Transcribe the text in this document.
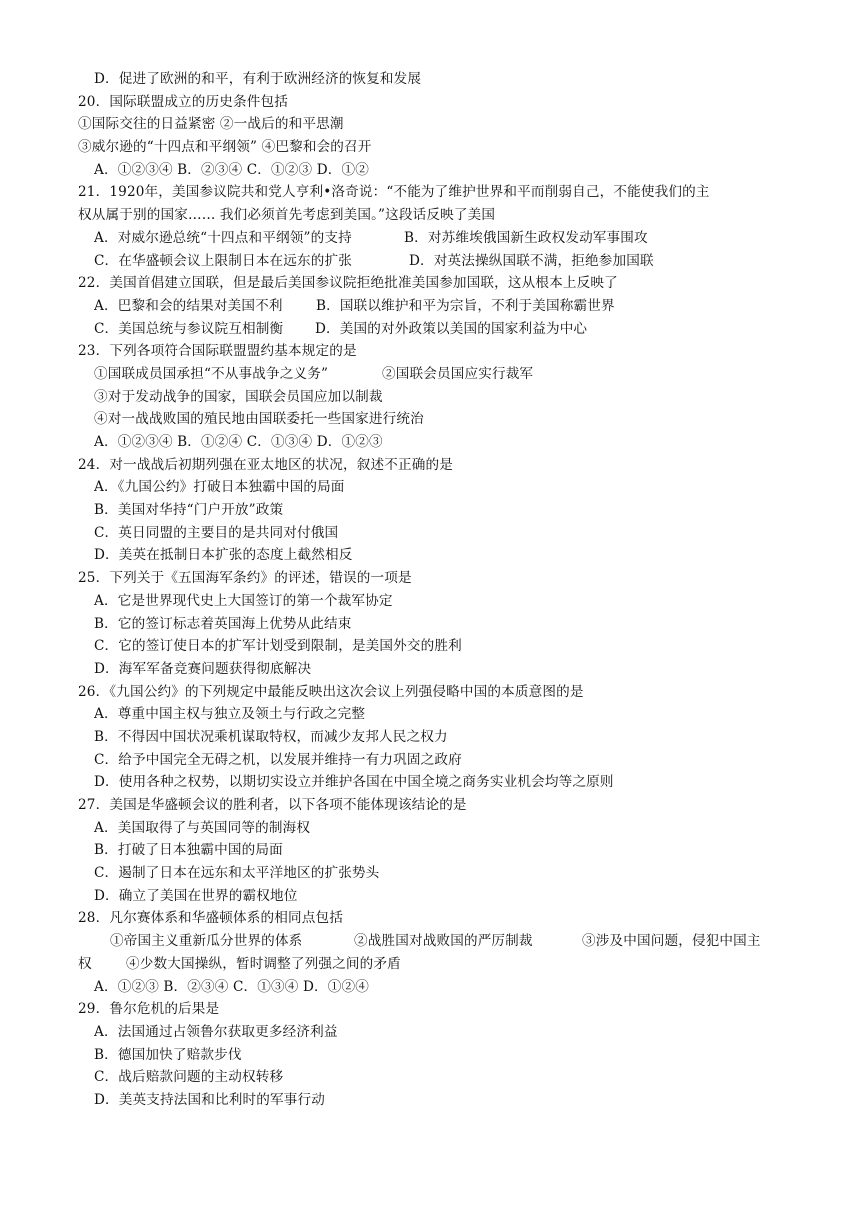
D．促进了欧洲的和平，有利于欧洲经济的恢复和发展
20．国际联盟成立的历史条件包括
①国际交往的日益紧密 ②一战后的和平思潮
③威尔逊的“十四点和平纲领” ④巴黎和会的召开
A．①②③④ B．②③④ C．①②③ D．①②
21．1920年，美国参议院共和党人亨利•洛奇说：“不能为了维护世界和平而削弱自己，不能使我们的主
权从属于别的国家…… 我们必须首先考虑到美国。”这段话反映了美国
A．对威尔逊总统“十四点和平纲领”的支持	B．对苏维埃俄国新生政权发动军事围攻
C．在华盛顿会议上限制日本在远东的扩张	D．对英法操纵国联不满，拒绝参加国联
22．美国首倡建立国联，但是最后美国参议院拒绝批准美国参加国联，这从根本上反映了
A．巴黎和会的结果对美国不利 B．国联以维护和平为宗旨，不利于美国称霸世界
C．美国总统与参议院互相制衡 D．美国的对外政策以美国的国家利益为中心
23．下列各项符合国际联盟盟约基本规定的是
①国联成员国承担“不从事战争之义务”	②国联会员国应实行裁军
③对于发动战争的国家，国联会员国应加以制裁
④对一战战败国的殖民地由国联委托一些国家进行统治
A．①②③④ B．①②④ C．①③④ D．①②③
24．对一战战后初期列强在亚太地区的状况，叙述不正确的是
A．《九国公约》打破日本独霸中国的局面
B．美国对华持“门户开放”政策
C．英日同盟的主要目的是共同对付俄国
D．美英在抵制日本扩张的态度上截然相反
25．下列关于《五国海军条约》的评述，错误的一项是
A．它是世界现代史上大国签订的第一个裁军协定
B．它的签订标志着英国海上优势从此结束
C．它的签订使日本的扩军计划受到限制，是美国外交的胜利
D．海军军备竞赛问题获得彻底解决
26．《九国公约》的下列规定中最能反映出这次会议上列强侵略中国的本质意图的是
A．尊重中国主权与独立及领土与行政之完整
B．不得因中国状况乘机谋取特权，而减少友邦人民之权力
C．给予中国完全无碍之机，以发展并维持一有力巩固之政府
D．使用各种之权势，以期切实设立并维护各国在中国全境之商务实业机会均等之原则
27．美国是华盛顿会议的胜利者，以下各项不能体现该结论的是
A．美国取得了与英国同等的制海权
B．打破了日本独霸中国的局面
C．遏制了日本在远东和太平洋地区的扩张势头
D．确立了美国在世界的霸权地位
28．凡尔赛体系和华盛顿体系的相同点包括
①帝国主义重新瓜分世界的体系	②战胜国对战败国的严厉制裁	③涉及中国问题，侵犯中国主
权	④少数大国操纵，暂时调整了列强之间的矛盾
A．①②③ B．②③④ C．①③④ D．①②④
29．鲁尔危机的后果是
A．法国通过占领鲁尔获取更多经济利益
B．德国加快了赔款步伐
C．战后赔款问题的主动权转移
D．美英支持法国和比利时的军事行动
